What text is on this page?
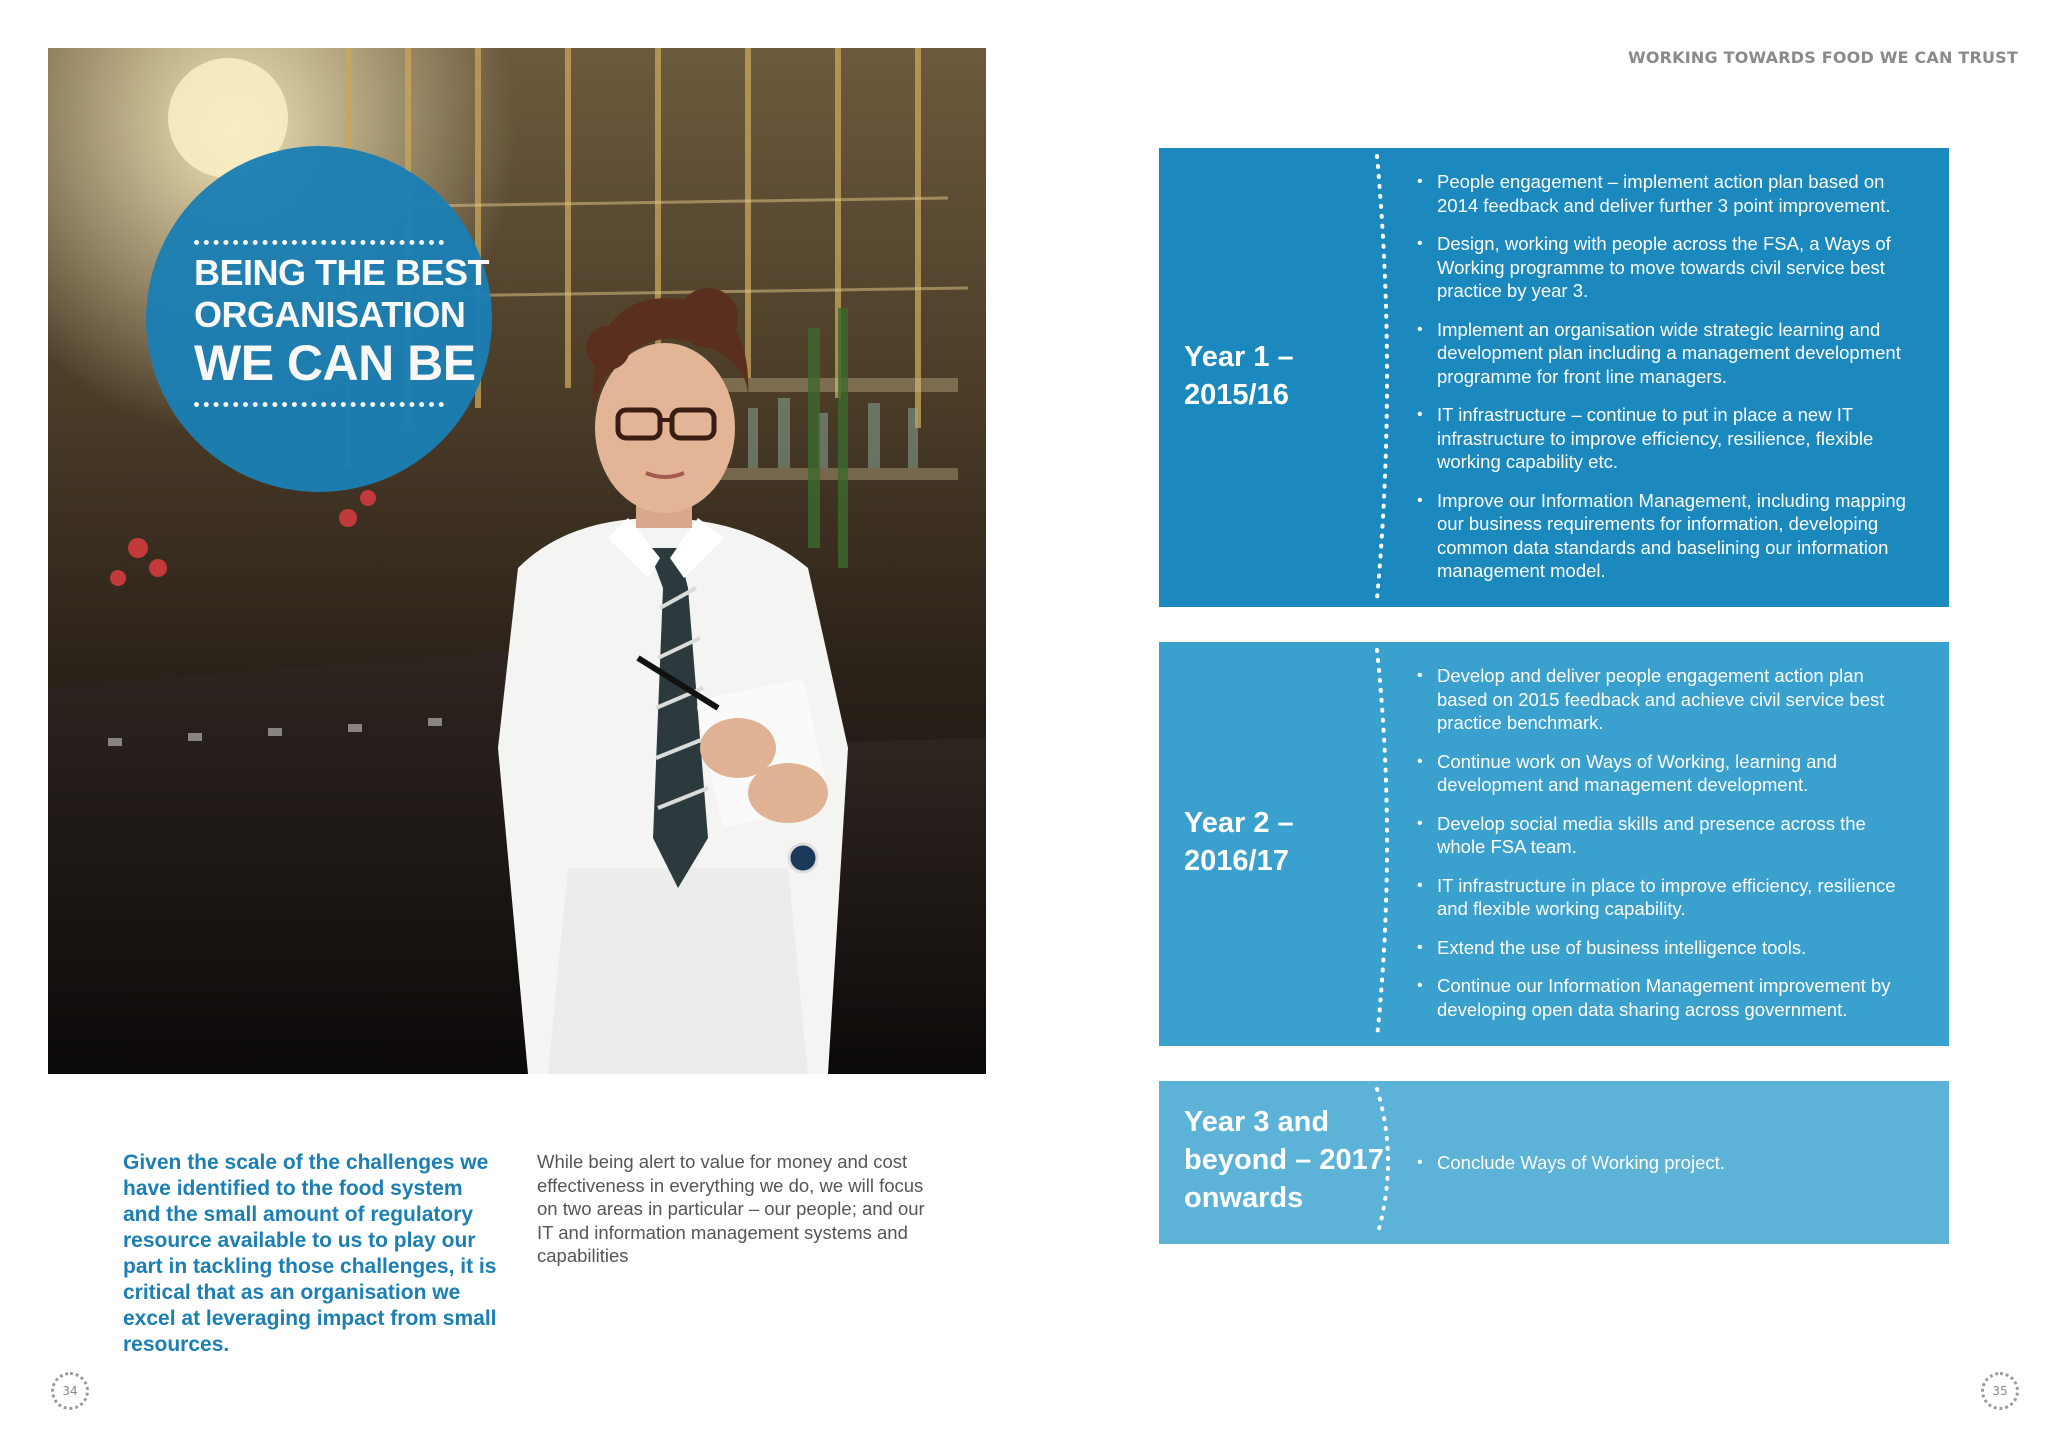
WORKING TOWARDS FOOD WE CAN TRUST
BEING THE BEST
ORGANISATION
WE CAN BE
Given the scale of the challenges we have identified to the food system and the small amount of regulatory resource available to us to play our part in tackling those challenges, it is critical that as an organisation we excel at leveraging impact from small resources.
While being alert to value for money and cost effectiveness in everything we do, we will focus on two areas in particular – our people; and our IT and information management systems and capabilities
34
Year 1 –
2015/16
• People engagement – implement action plan based on 2014 feedback and deliver further 3 point improvement.
• Design, working with people across the FSA, a Ways of Working programme to move towards civil service best practice by year 3.
• Implement an organisation wide strategic learning and development plan including a management development programme for front line managers.
• IT infrastructure – continue to put in place a new IT infrastructure to improve efficiency, resilience, flexible working capability etc.
• Improve our Information Management, including mapping our business requirements for information, developing common data standards and baselining our information management model.
Year 2 –
2016/17
• Develop and deliver people engagement action plan based on 2015 feedback and achieve civil service best practice benchmark.
• Continue work on Ways of Working, learning and development and management development.
• Develop social media skills and presence across the whole FSA team.
• IT infrastructure in place to improve efficiency, resilience and flexible working capability.
• Extend the use of business intelligence tools.
• Continue our Information Management improvement by developing open data sharing across government.
Year 3 and
beyond – 2017
onwards
• Conclude Ways of Working project.
35
